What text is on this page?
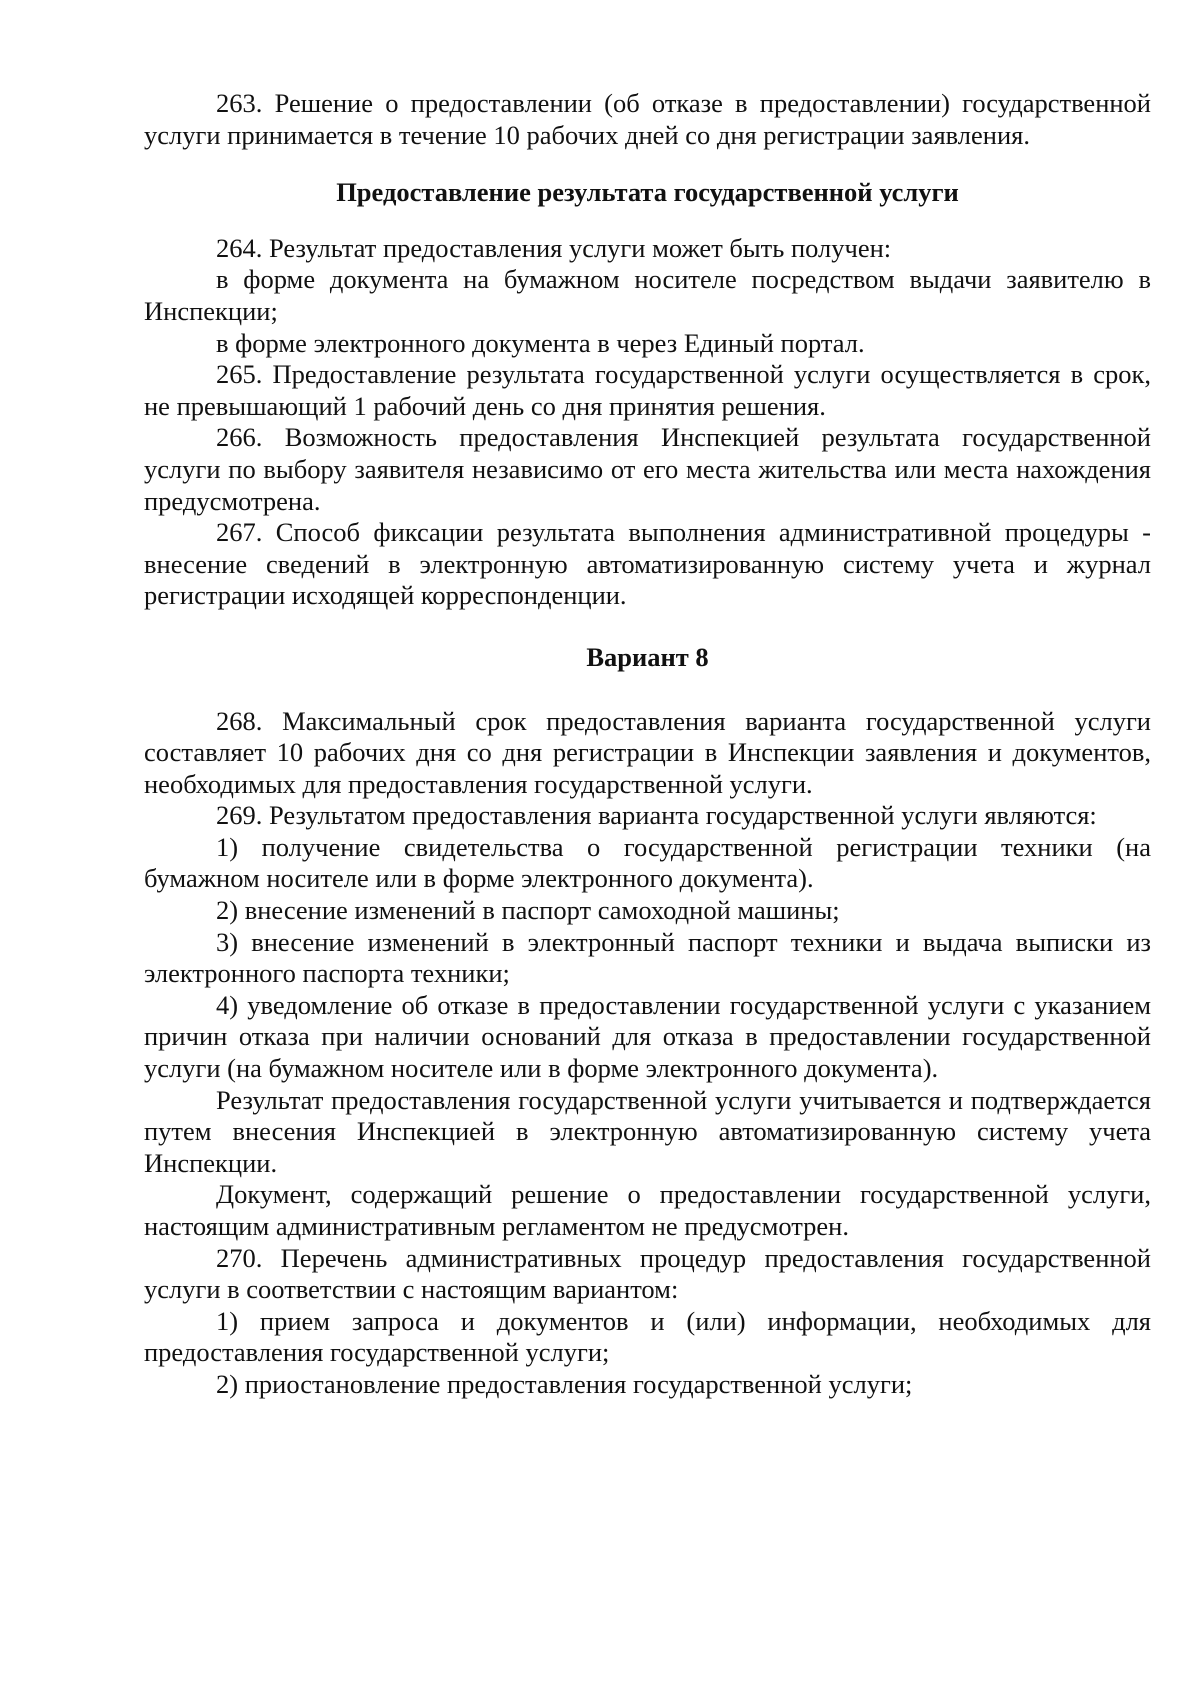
263. Решение о предоставлении (об отказе в предоставлении) государственной услуги принимается в течение 10 рабочих дней со дня регистрации заявления.

Предоставление результата государственной услуги

264. Результат предоставления услуги может быть получен:

в форме документа на бумажном носителе посредством выдачи заявителю в Инспекции;

в форме электронного документа в через Единый портал.

265. Предоставление результата государственной услуги осуществляется в срок, не превышающий 1 рабочий день со дня принятия решения.

266. Возможность предоставления Инспекцией результата государственной услуги по выбору заявителя независимо от его места жительства или места нахождения предусмотрена.

267. Способ фиксации результата выполнения административной процедуры - внесение сведений в электронную автоматизированную систему учета и журнал регистрации исходящей корреспонденции.

Вариант 8

268. Максимальный срок предоставления варианта государственной услуги составляет 10 рабочих дня со дня регистрации в Инспекции заявления и документов, необходимых для предоставления государственной услуги.

269. Результатом предоставления варианта государственной услуги являются:

1) получение свидетельства о государственной регистрации техники (на бумажном носителе или в форме электронного документа).

2) внесение изменений в паспорт самоходной машины;

3) внесение изменений в электронный паспорт техники и выдача выписки из электронного паспорта техники;

4) уведомление об отказе в предоставлении государственной услуги с указанием причин отказа при наличии оснований для отказа в предоставлении государственной услуги (на бумажном носителе или в форме электронного документа).

Результат предоставления государственной услуги учитывается и подтверждается путем внесения Инспекцией в электронную автоматизированную систему учета Инспекции.

Документ, содержащий решение о предоставлении государственной услуги, настоящим административным регламентом не предусмотрен.

270. Перечень административных процедур предоставления государственной услуги в соответствии с настоящим вариантом:

1) прием запроса и документов и (или) информации, необходимых для предоставления государственной услуги;

2) приостановление предоставления государственной услуги;
